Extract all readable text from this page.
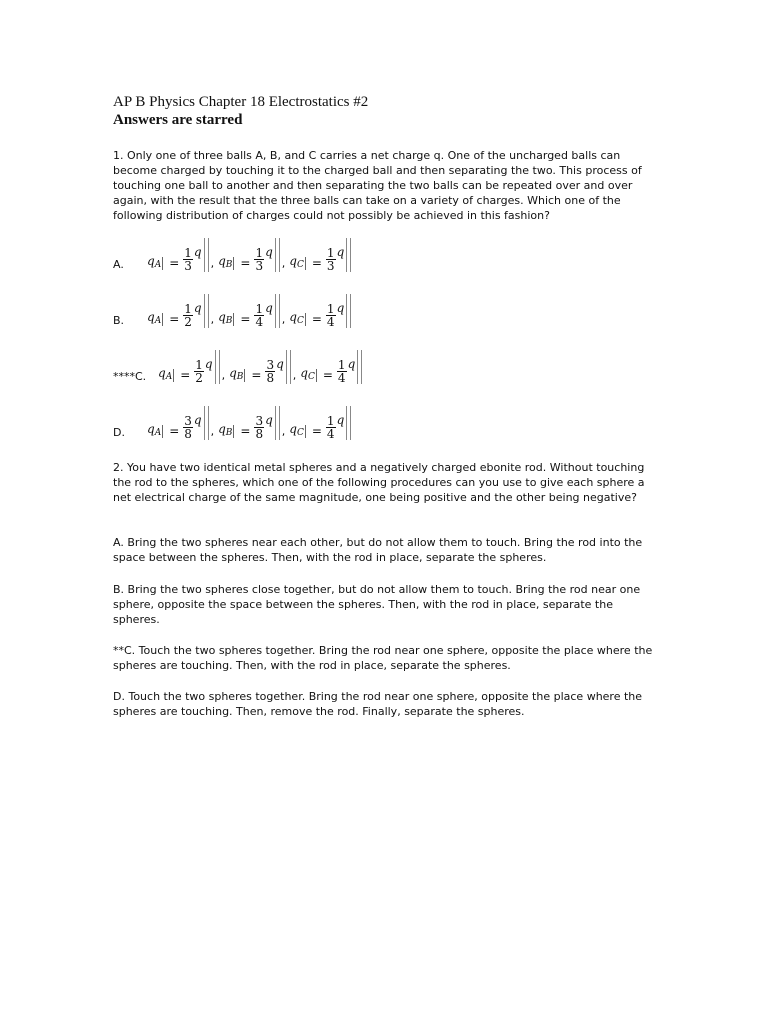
AP B Physics Chapter 18 Electrostatics #2
Answers are starred
1. Only one of three balls A, B, and C carries a net charge q. One of the uncharged balls can become charged by touching it to the charged ball and then separating the two. This process of touching one ball to another and then separating the two balls can be repeated over and over again, with the result that the three balls can take on a variety of charges. Which one of the following distribution of charges could not possibly be achieved in this fashion?
A. $q_A = \frac{1}{3}$ q
, $q_B = \frac{1}{3}$ q
, $q_C = \frac{1}{3}$ q
B. $q_A = \frac{1}{2}$ q
, $q_B = \frac{1}{4}$ q
, $q_C = \frac{1}{4}$ q
****C. $q_A = \frac{1}{2}$ q
, $q_B = \frac{3}{8}$ q
, $q_C = \frac{1}{4}$ q
D. $q_A = \frac{3}{8}$ q
, $q_B = \frac{3}{8}$ q
, $q_C = \frac{1}{4}$ q
2. You have two identical metal spheres and a negatively charged ebonite rod. Without touching the rod to the spheres, which one of the following procedures can you use to give each sphere a net electrical charge of the same magnitude, one being positive and the other being negative?
A. Bring the two spheres near each other, but do not allow them to touch. Bring the rod into the space between the spheres. Then, with the rod in place, separate the spheres.
B. Bring the two spheres close together, but do not allow them to touch. Bring the rod near one sphere, opposite the space between the spheres. Then, with the rod in place, separate the spheres.
**C. Touch the two spheres together. Bring the rod near one sphere, opposite the place where the spheres are touching. Then, with the rod in place, separate the spheres.
D. Touch the two spheres together. Bring the rod near one sphere, opposite the place where the spheres are touching. Then, remove the rod. Finally, separate the spheres.
